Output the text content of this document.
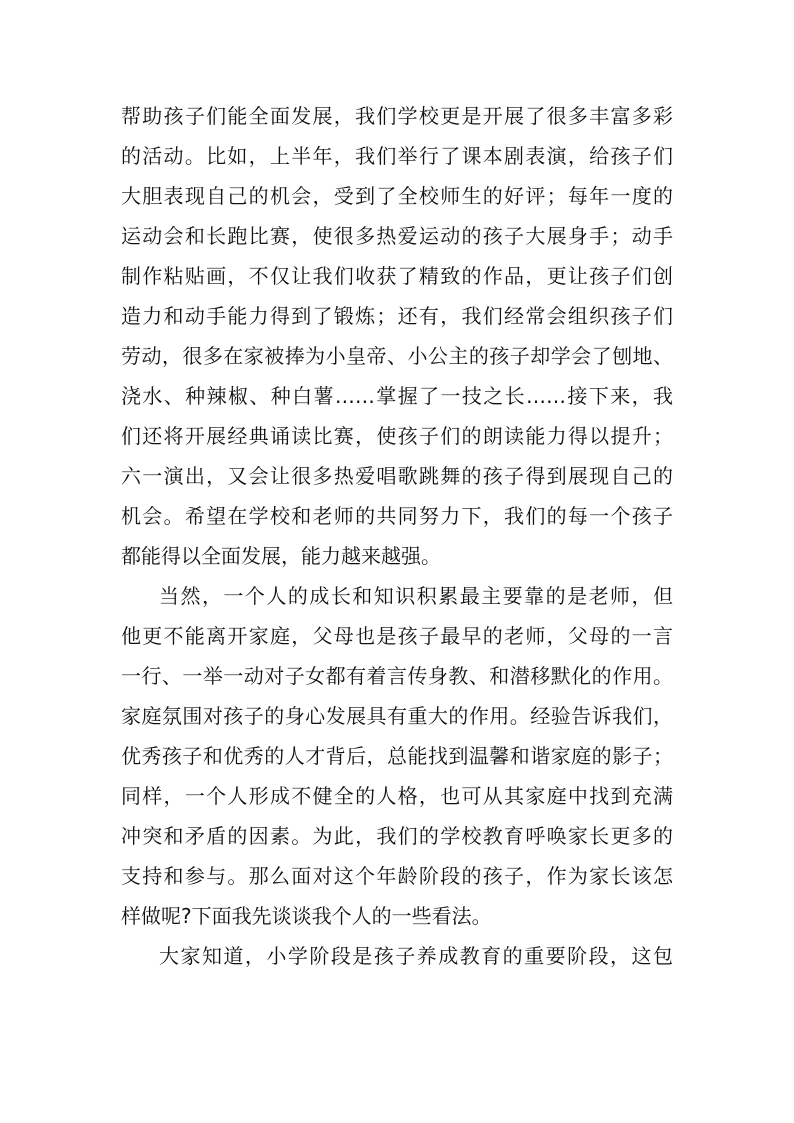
帮助孩子们能全面发展，我们学校更是开展了很多丰富多彩
的活动。比如，上半年，我们举行了课本剧表演，给孩子们
大胆表现自己的机会，受到了全校师生的好评；每年一度的
运动会和长跑比赛，使很多热爱运动的孩子大展身手；动手
制作粘贴画，不仅让我们收获了精致的作品，更让孩子们创
造力和动手能力得到了锻炼；还有，我们经常会组织孩子们
劳动，很多在家被捧为小皇帝、小公主的孩子却学会了刨地、
浇水、种辣椒、种白薯……掌握了一技之长……接下来，我
们还将开展经典诵读比赛，使孩子们的朗读能力得以提升；
六一演出，又会让很多热爱唱歌跳舞的孩子得到展现自己的
机会。希望在学校和老师的共同努力下，我们的每一个孩子
都能得以全面发展，能力越来越强。
当然，一个人的成长和知识积累最主要靠的是老师，但
他更不能离开家庭，父母也是孩子最早的老师，父母的一言
一行、一举一动对子女都有着言传身教、和潜移默化的作用。
家庭氛围对孩子的身心发展具有重大的作用。经验告诉我们，
优秀孩子和优秀的人才背后，总能找到温馨和谐家庭的影子；
同样，一个人形成不健全的人格，也可从其家庭中找到充满
冲突和矛盾的因素。为此，我们的学校教育呼唤家长更多的
支持和参与。那么面对这个年龄阶段的孩子，作为家长该怎
样做呢?下面我先谈谈我个人的一些看法。
大家知道，小学阶段是孩子养成教育的重要阶段，这包
